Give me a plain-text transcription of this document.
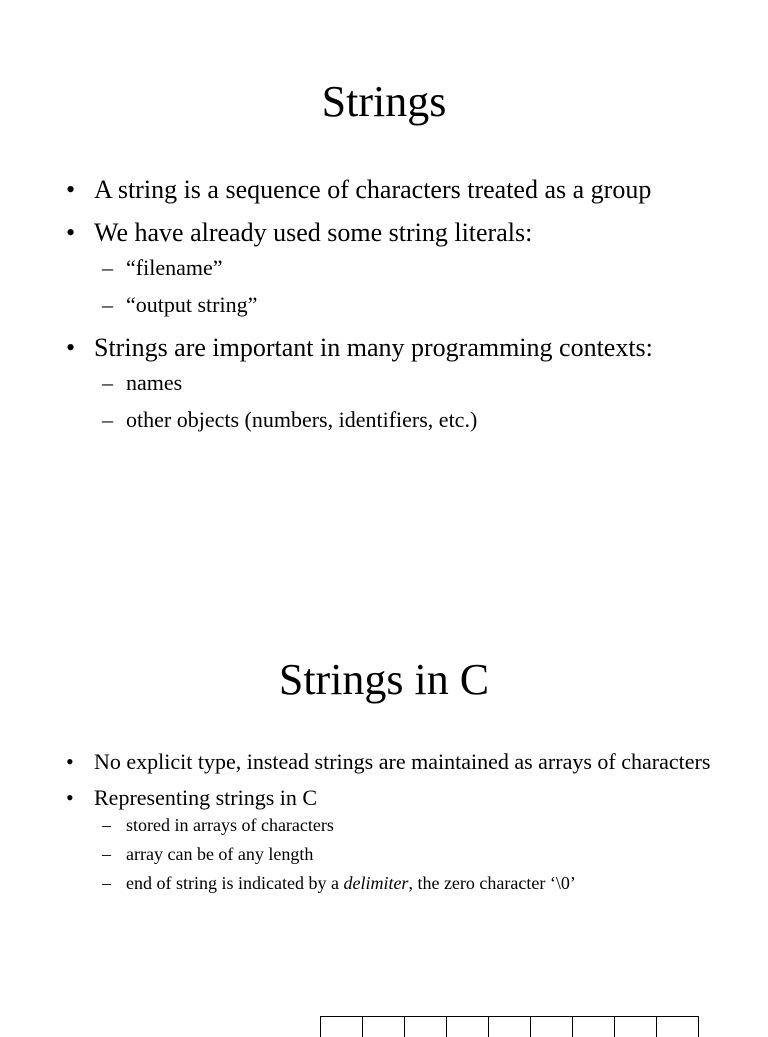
Strings
• A string is a sequence of characters treated as a group
• We have already used some string literals:
– “filename”
– “output string”
• Strings are important in many programming contexts:
– names
– other objects (numbers, identifiers, etc.)
Strings in C
• No explicit type, instead strings are maintained as arrays of characters
• Representing strings in C
– stored in arrays of characters
– array can be of any length
– end of string is indicated by a delimiter, the zero character ‘\0’
